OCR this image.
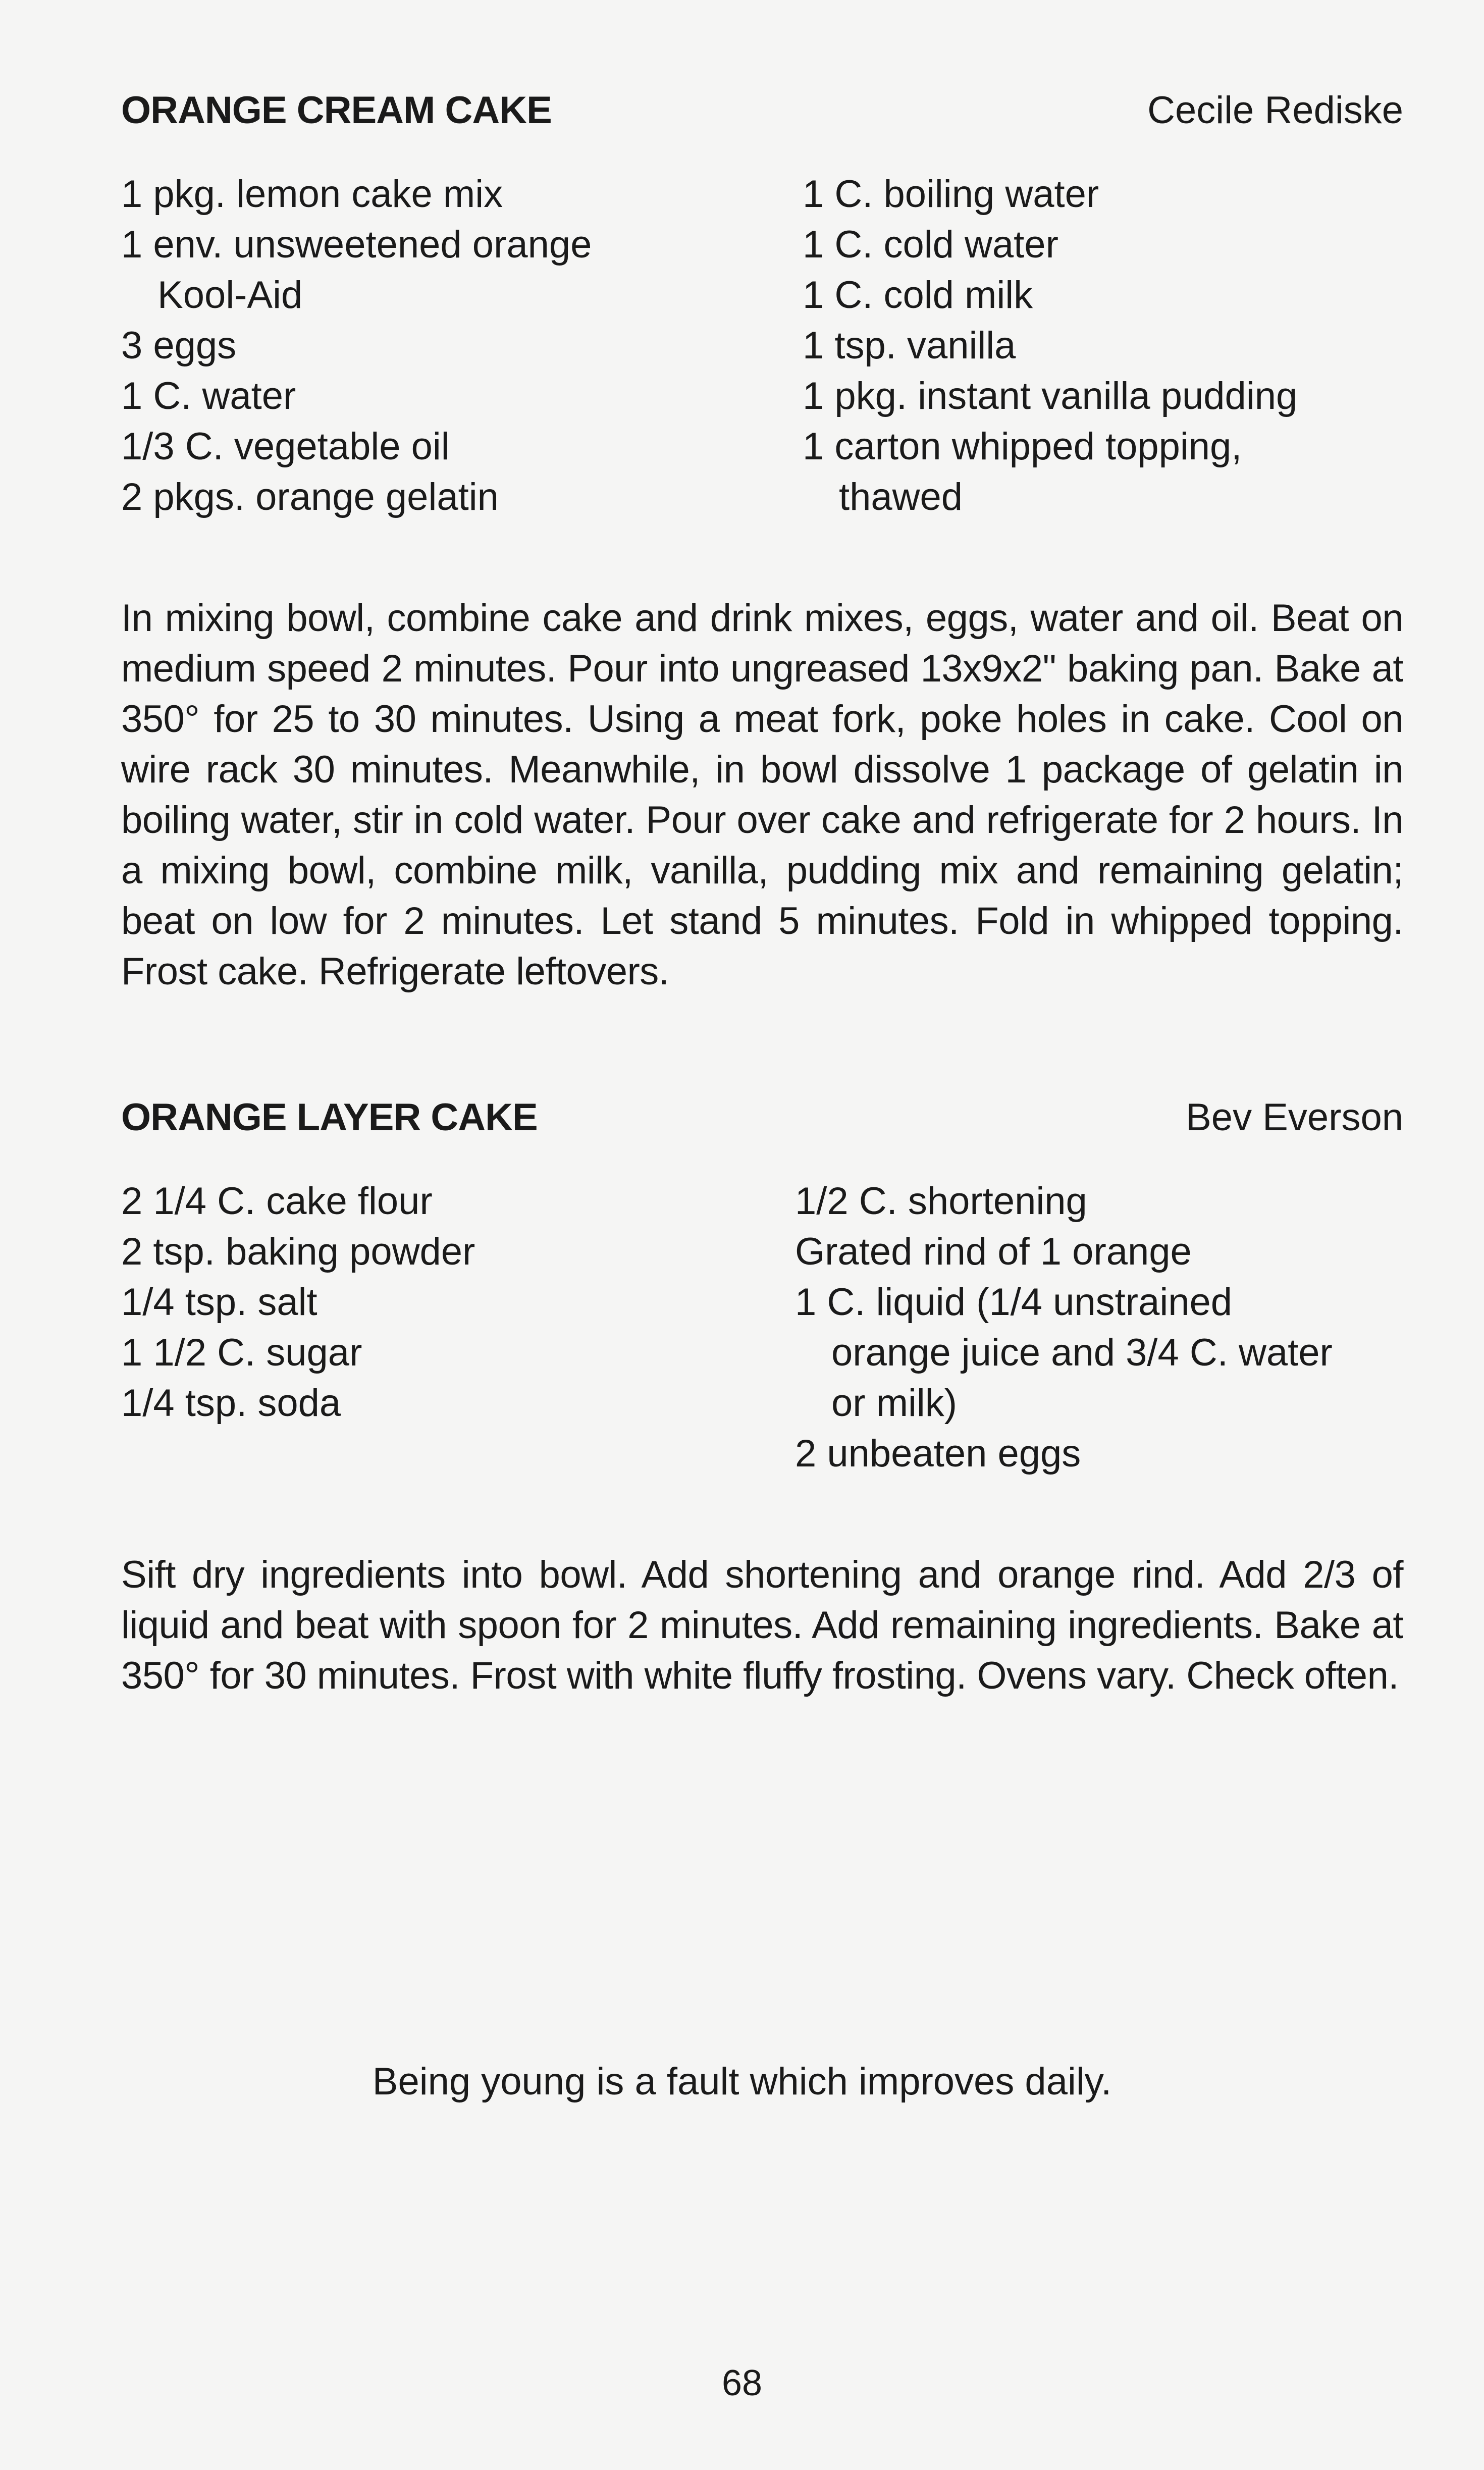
ORANGE CREAM CAKE	Cecile Rediske
1 pkg. lemon cake mix
1 env. unsweetened orange
Kool-Aid
3 eggs
1 C. water
1/3 C. vegetable oil
2 pkgs. orange gelatin
1 C. boiling water
1 C. cold water
1 C. cold milk
1 tsp. vanilla
1 pkg. instant vanilla pudding
1 carton whipped topping,
thawed
In mixing bowl, combine cake and drink mixes, eggs, water and oil. Beat on medium speed 2 minutes. Pour into ungreased 13x9x2" baking pan. Bake at 350° for 25 to 30 minutes. Using a meat fork, poke holes in cake. Cool on wire rack 30 minutes. Meanwhile, in bowl dissolve 1 package of gelatin in boiling water, stir in cold water. Pour over cake and refrigerate for 2 hours. In a mixing bowl, combine milk, vanilla, pudding mix and remaining gelatin; beat on low for 2 minutes. Let stand 5 minutes. Fold in whipped topping. Frost cake. Refrigerate leftovers.
ORANGE LAYER CAKE	Bev Everson
2 1/4 C. cake flour
2 tsp. baking powder
1/4 tsp. salt
1 1/2 C. sugar
1/4 tsp. soda
1/2 C. shortening
Grated rind of 1 orange
1 C. liquid (1/4 unstrained
orange juice and 3/4 C. water
or milk)
2 unbeaten eggs
Sift dry ingredients into bowl. Add shortening and orange rind. Add 2/3 of liquid and beat with spoon for 2 minutes. Add remaining ingredients. Bake at 350° for 30 minutes. Frost with white fluffy frosting. Ovens vary. Check often.
Being young is a fault which improves daily.
68
